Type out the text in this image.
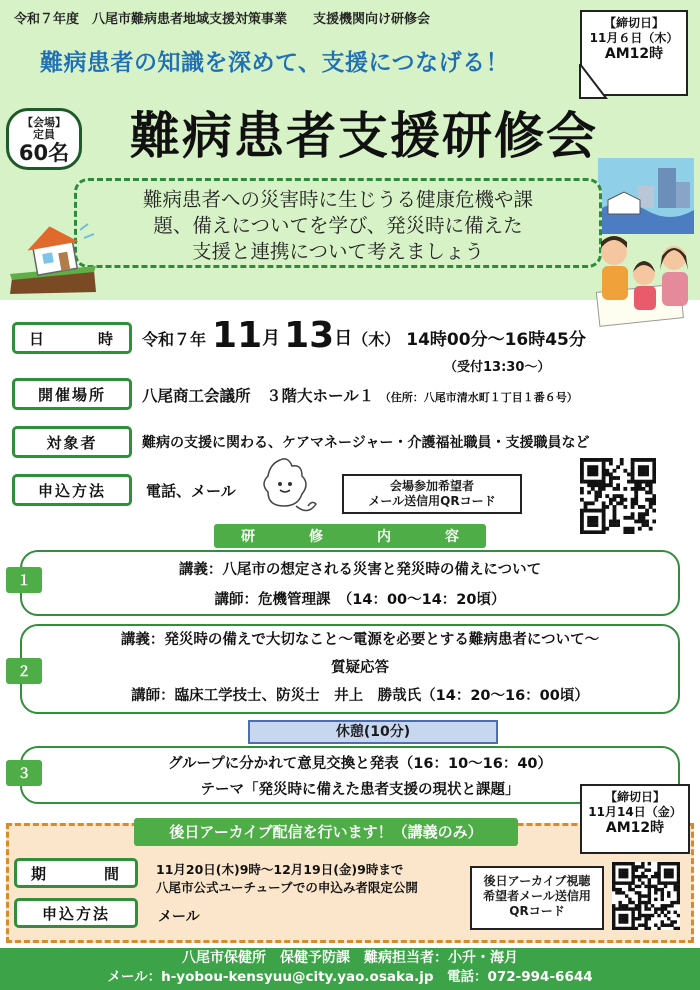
令和７年度　八尾市難病患者地域支援対策事業　　支援機関向け研修会	【締切日】
11月６日（木）
AM12時
難病患者の知識を深めて、支援につなげる！
【会場】
定員
60名 難病患者支援研修会
難病患者への災害時に生じうる健康危機や課
題、備えについてを学び、発災時に備えた
支援と連携について考えましょう
日	時 令和７年 11 月 13 日 （木） 14時00分～16時45分
（受付13:30～）
開催場所 八尾商工会議所　３階大ホール１ （住所：八尾市清水町１丁目１番６号）
対象者	難病の支援に関わる、ケアマネージャー・介護福祉職員・支援職員など
申込方法	電話、メール	会場参加希望者
メール送信用QRコード
研	修	内	容
１
講義：八尾市の想定される災害と発災時の備えについて
講師：危機管理課　（14：00～14：20頃）
２
講義：発災時の備えで大切なこと～電源を必要とする難病患者について～
質疑応答
講師：臨床工学技士、防災士　井上　勝哉氏（14：20～16：00頃）
休憩(10分)
３
グループに分かれて意見交換と発表（16：10～16：40）
テーマ「発災時に備えた患者支援の現状と課題」
後日アーカイブ配信を行います！（講義のみ）
【締切日】
11月14日（金）
AM12時
期	間	11月20日(木)9時～12月19日(金)9時まで
八尾市公式ユーチューブでの申込み者限定公開
申込方法	メール
後日アーカイブ視聴
希望者メール送信用
QRコード
八尾市保健所　保健予防課　難病担当者：小升・海月
メール：h-yobou-kensyuu@city.yao.osaka.jp　電話：072-994-6644
